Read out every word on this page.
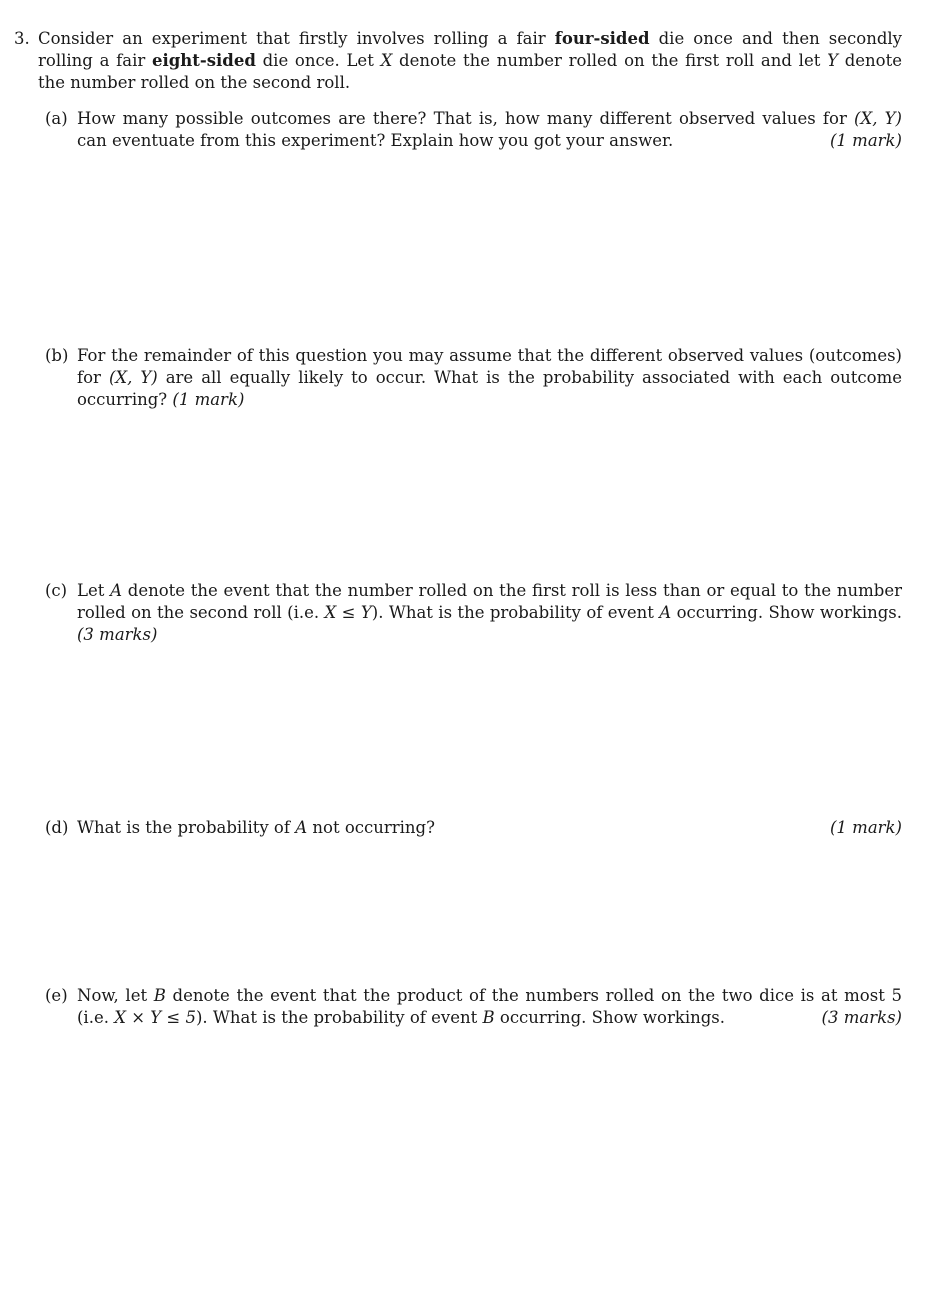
3. Consider an experiment that firstly involves rolling a fair four-sided die once and then secondly rolling a fair eight-sided die once. Let X denote the number rolled on the first roll and let Y denote the number rolled on the second roll.
(a) How many possible outcomes are there? That is, how many different observed values for (X, Y) can eventuate from this experiment? Explain how you got your answer.	(1 mark)
(b) For the remainder of this question you may assume that the different observed values (outcomes) for (X, Y) are all equally likely to occur. What is the probability associated with each outcome occurring? (1 mark)
(c) Let A denote the event that the number rolled on the first roll is less than or equal to the number rolled on the second roll (i.e. X ≤ Y). What is the probability of event A occurring. Show workings. (3 marks)
(d)	(1 mark)
What is the probability of A not occurring?
(e) Now, let B denote the event that the product of the numbers rolled on the two dice is at most 5 (i.e. X × Y ≤ 5). What is the probability of event B occurring. Show workings.	(3 marks)
